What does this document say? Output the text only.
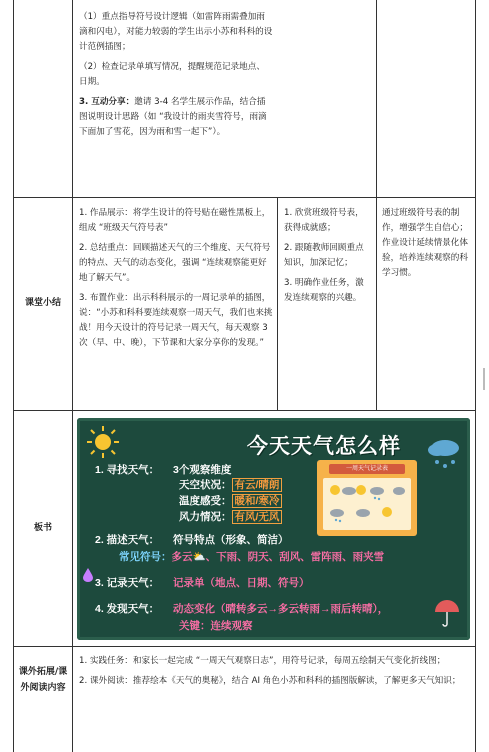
（1）重点指导符号设计逻辑（如雷阵雨需叠加雨滴和闪电），对能力较弱的学生出示小苏和科科的设计范例插图；

（2）检查记录单填写情况，提醒规范记录地点、日期。

3. 互动分享：邀请 3-4 名学生展示作品，结合插图说明设计思路（如 “我设计的雨夹雪符号，雨滴下面加了雪花，因为雨和雪一起下”）。

课堂小结

1. 作品展示：将学生设计的符号贴在磁性黑板上，组成 “班级天气符号表”

2. 总结重点：回顾描述天气的三个维度、天气符号的特点、天气的动态变化，强调 “连续观察能更好地了解天气”。

3. 布置作业：出示科科展示的一周记录单的插图，说：“小苏和科科要连续观察一周天气，我们也来挑战！用今天设计的符号记录一周天气，每天观察 3 次（早、中、晚），下节课和大家分享你的发现。”

1. 欣赏班级符号表，获得成就感；

2. 跟随教师回顾重点知识，加深记忆；

3. 明确作业任务，激发连续观察的兴趣。

通过班级符号表的制作，增强学生自信心；作业设计延续情景化体验，培养连续观察的科学习惯。

板书
今天天气怎么样
1. 寻找天气： 3个观察维度
天空状况： 有云/晴朗
温度感受： 暖和/寒冷
风力情况： 有风/无风
一周天气记录表
2. 描述天气： 符号特点（形象、简洁）
常见符号：多云⛅、下雨、阴天、刮风、雷阵雨、雨夹雪
3. 记录天气： 记录单（地点、日期、符号）
4. 发现天气： 动态变化（晴转多云→多云转雨→雨后转晴），
关键：连续观察
课外拓展/课外阅读内容

1. 实践任务：和家长一起完成 “一周天气观察日志”，用符号记录，每周五绘制天气变化折线图；

2. 课外阅读：推荐绘本《天气的奥秘》，结合 AI 角色小苏和科科的插图版解读，了解更多天气知识；
